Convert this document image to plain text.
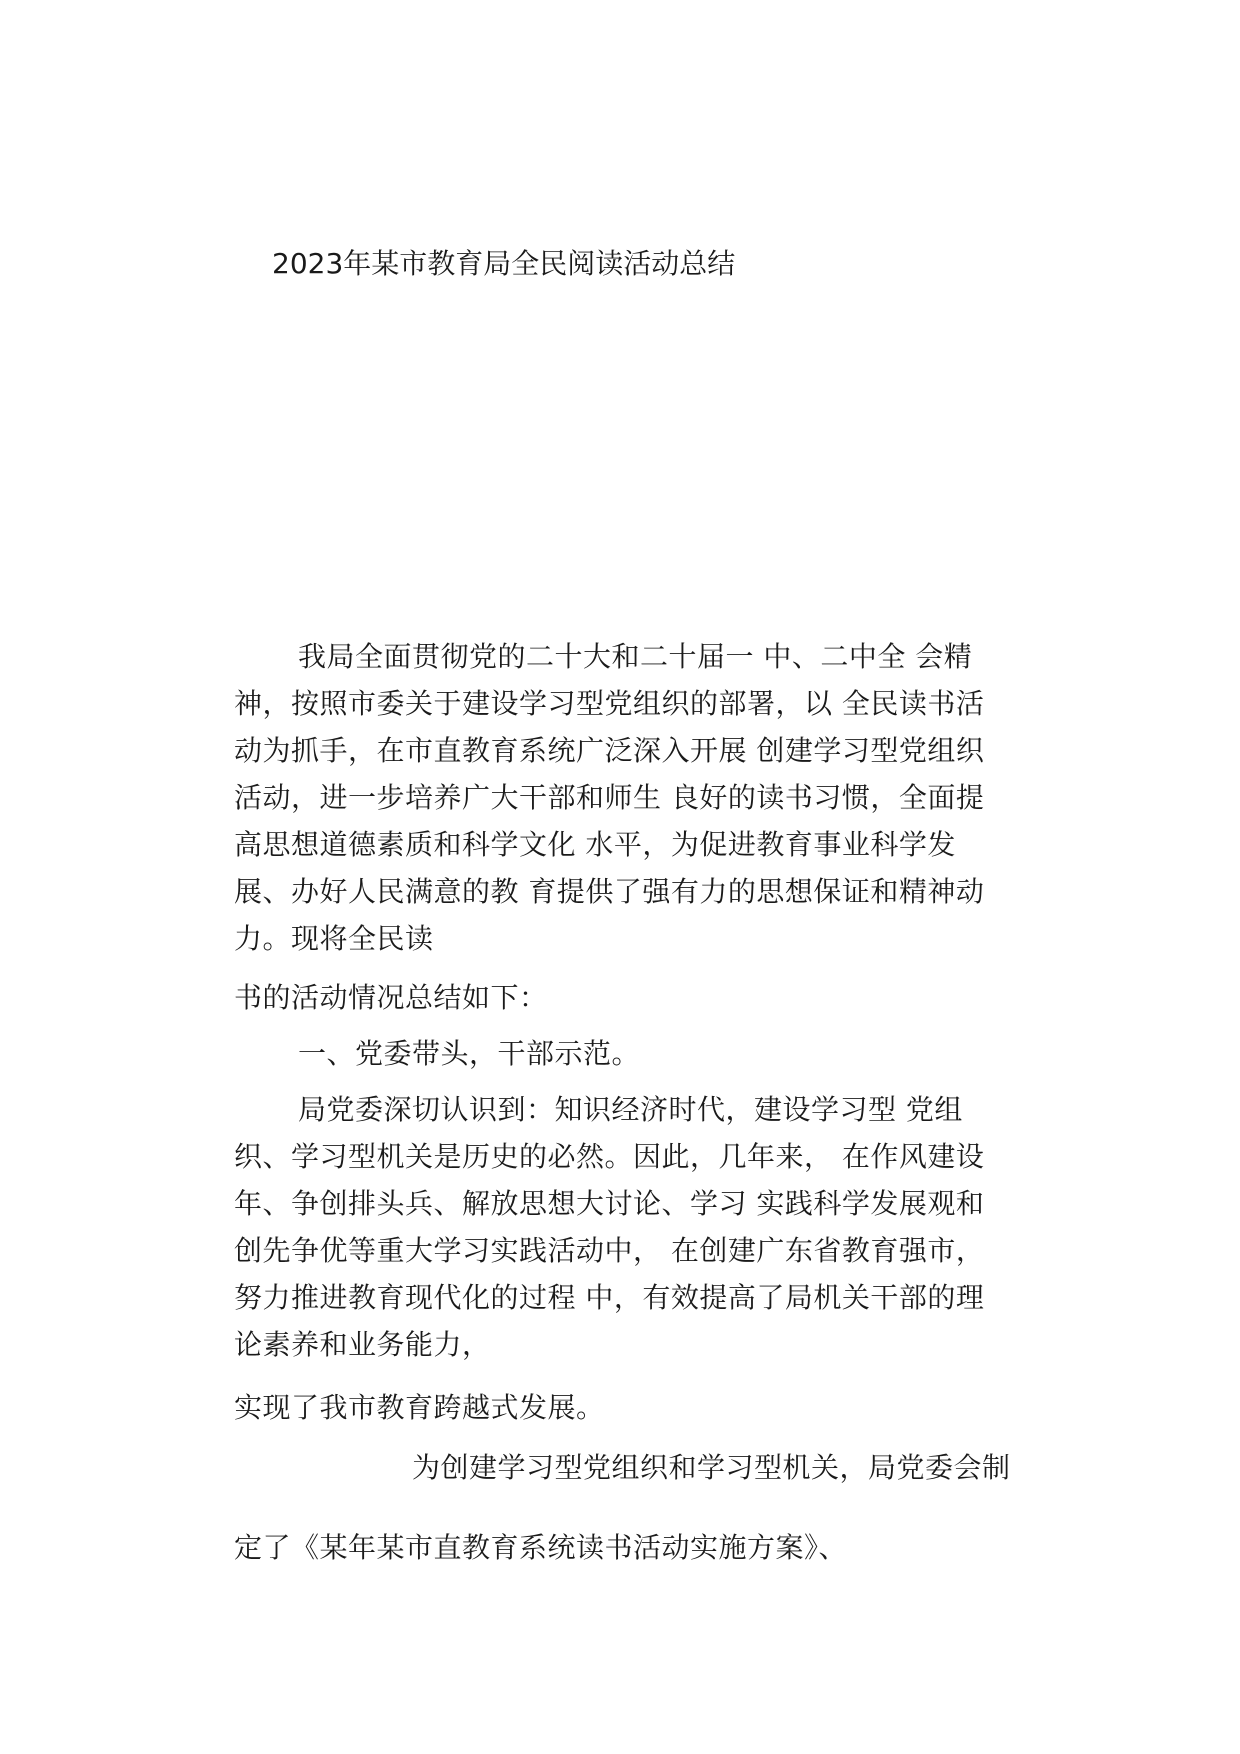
2023年某市教育局全民阅读活动总结
我局全面贯彻党的二十大和二十届一 中、二中全 会精
神，按照市委关于建设学习型党组织的部署，以 全民读书活
动为抓手，在市直教育系统广泛深入开展 创建学习型党组织
活动，进一步培养广大干部和师生 良好的读书习惯，全面提
高思想道德素质和科学文化 水平，为促进教育事业科学发
展、办好人民满意的教 育提供了强有力的思想保证和精神动
力。现将全民读
书的活动情况总结如下：
一、党委带头，干部示范。
局党委深切认识到：知识经济时代，建设学习型 党组
织、学习型机关是历史的必然。因此，几年来， 在作风建设
年、争创排头兵、解放思想大讨论、学习 实践科学发展观和
创先争优等重大学习实践活动中， 在创建广东省教育强市，
努力推进教育现代化的过程 中，有效提高了局机关干部的理
论素养和业务能力，
实现了我市教育跨越式发展。
为创建学习型党组织和学习型机关，局党委会制
定了《某年某市直教育系统读书活动实施方案》、
